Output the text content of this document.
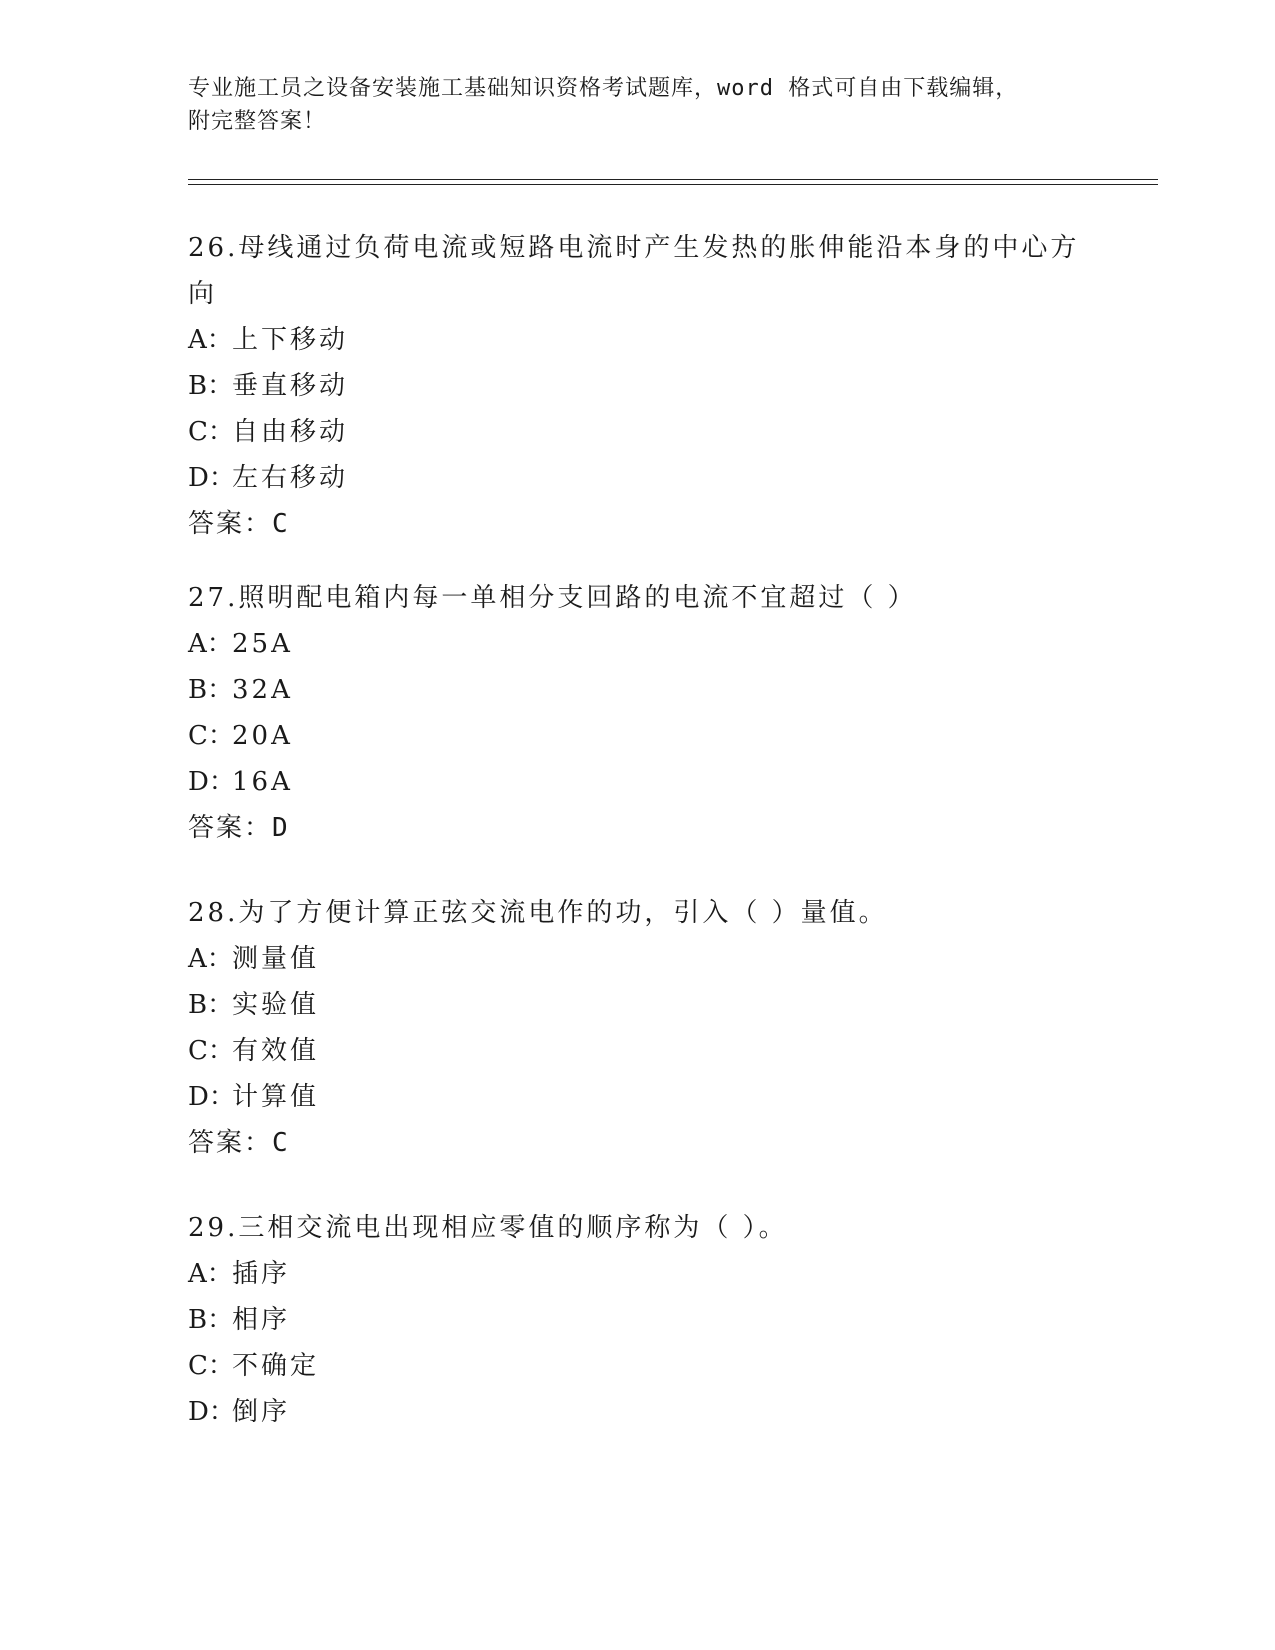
专业施工员之设备安装施工基础知识资格考试题库，word 格式可自由下载编辑，
附完整答案！

26.母线通过负荷电流或短路电流时产生发热的胀伸能沿本身的中心方
向

A：上下移动
B：垂直移动
C：自由移动
D：左右移动
答案：C

27.照明配电箱内每一单相分支回路的电流不宜超过（ ）

A：25A
B：32A
C：20A
D：16A
答案：D

28.为了方便计算正弦交流电作的功，引入（ ）量值。

A：测量值
B：实验值
C：有效值
D：计算值
答案：C

29.三相交流电出现相应零值的顺序称为（ ）。

A：插序
B：相序
C：不确定
D：倒序
